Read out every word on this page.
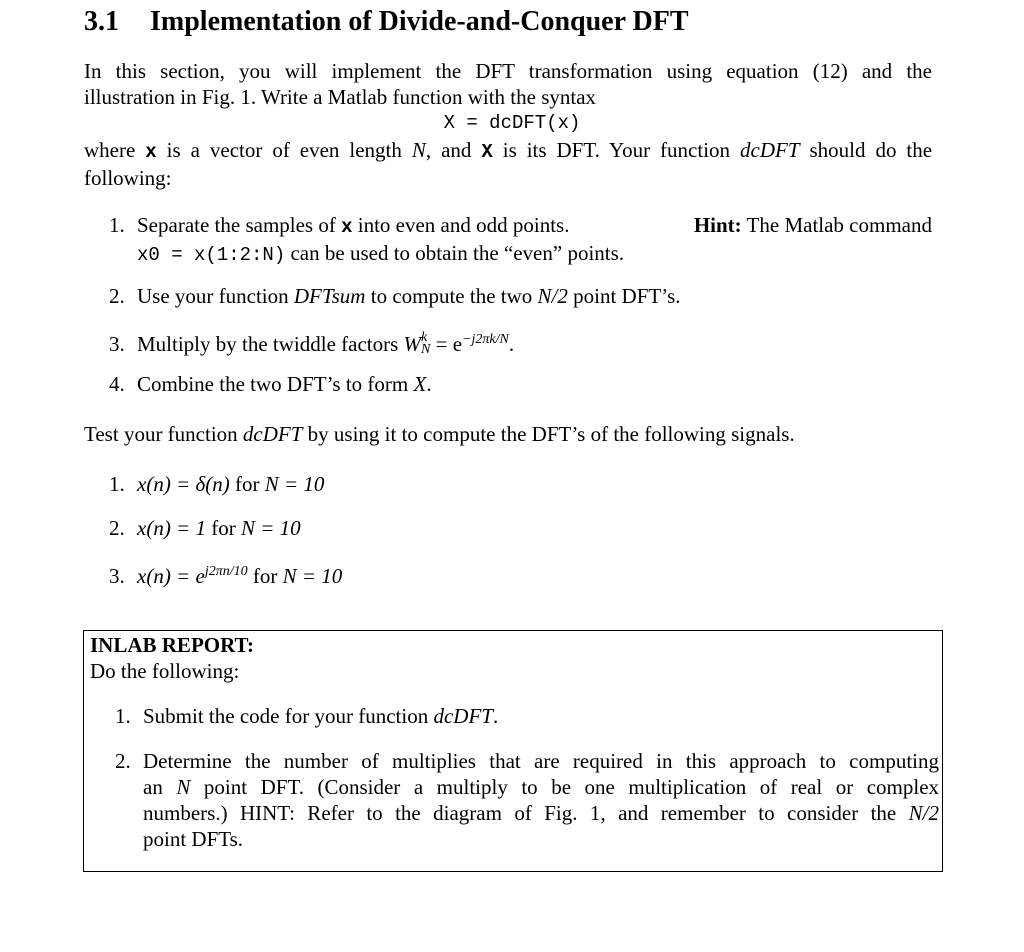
3.1 Implementation of Divide-and-Conquer DFT
In this section, you will implement the DFT transformation using equation (12) and the
illustration in Fig. 1. Write a Matlab function with the syntax
X = dcDFT(x)
where x is a vector of even length N, and X is its DFT. Your function dcDFT should do the
following:
1. Separate the samples of x into even and odd points.	Hint: The Matlab command
x0 = x(1:2:N) can be used to obtain the “even” points.
2. Use your function DFTsum to compute the two N/2 point DFT’s.
3. Multiply by the twiddle factors W k
$N = e^{-j2\pi k/N}$.
4. Combine the two DFT’s to form X.
Test your function dcDFT by using it to compute the DFT’s of the following signals.
1. x(n) = δ(n) for N = 10
2. x(n) = 1 for N = 10
3. $x(n) = e^{j2\pi n/10}$ for N = 10
INLAB REPORT:
Do the following:
1. Submit the code for your function dcDFT.
2. Determine the number of multiplies that are required in this approach to computing
an N point DFT. (Consider a multiply to be one multiplication of real or complex
numbers.) HINT: Refer to the diagram of Fig. 1, and remember to consider the N/2
point DFTs.
